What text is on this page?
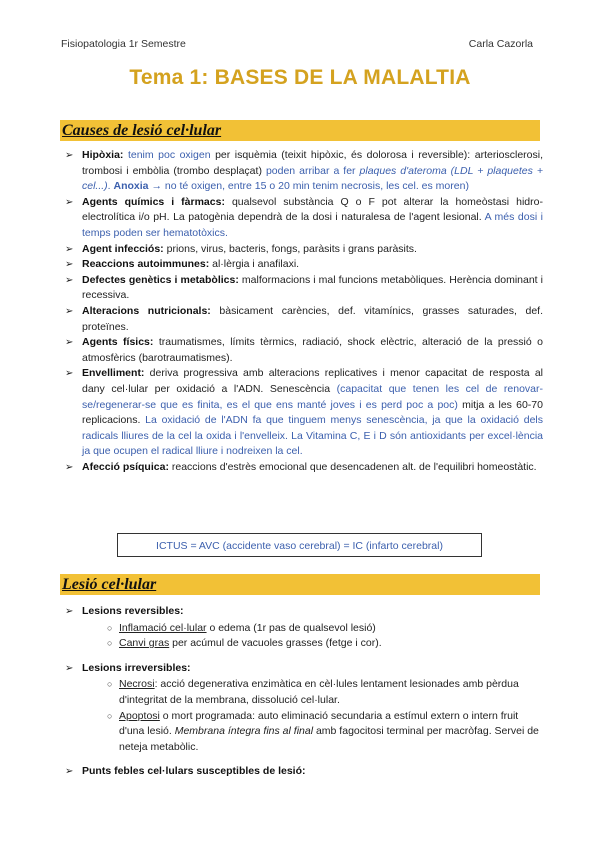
Fisiopatologia 1r Semestre	Carla Cazorla
Tema 1: BASES DE LA MALALTIA
Causes de lesió cel·lular
➢ Hipòxia: tenim poc oxigen per isquèmia (teixit hipòxic, és dolorosa i reversible): arteriosclerosi, trombosi i embòlia (trombo desplaçat) poden arribar a fer plaques d'ateroma (LDL + plaquetes + cel...). Anoxia → no té oxigen, entre 15 o 20 min tenim necrosis, les cel. es moren)
➢ Agents químics i fàrmacs: qualsevol substància Q o F pot alterar la homeòstasi hidro-electrolítica i/o pH. La patogènia dependrà de la dosi i naturalesa de l'agent lesional. A més dosi i temps poden ser hematotòxics.
➢ Agent infecciós: prions, virus, bacteris, fongs, paràsits i grans paràsits.
➢ Reaccions autoimmunes: al·lèrgia i anafilaxi.
➢ Defectes genètics i metabòlics: malformacions i mal funcions metabòliques. Herència dominant i recessiva.
➢ Alteracions nutricionals: bàsicament carències, def. vitamínics, grasses saturades, def. proteïnes.
➢ Agents físics: traumatismes, límits tèrmics, radiació, shock elèctric, alteració de la pressió o atmosfèrics (barotraumatismes).
➢ Envelliment: deriva progressiva amb alteracions replicatives i menor capacitat de resposta al dany cel·lular per oxidació a l'ADN. Senescència (capacitat que tenen les cel de renovar-se/regenerar-se que es finita, es el que ens manté joves i es perd poc a poc) mitja a les 60-70 replicacions. La oxidació de l'ADN fa que tinguem menys senescència, ja que la oxidació dels radicals lliures de la cel la oxida i l'envelleix. La Vitamina C, E i D són antioxidants per excel·lència ja que ocupen el radical lliure i nodreixen la cel.
➢ Afecció psíquica: reaccions d'estrès emocional que desencadenen alt. de l'equilibri homeostàtic.
ICTUS = AVC (accidente vaso cerebral) = IC (infarto cerebral)
Lesió cel·lular
➢ Lesions reversibles:
○ Inflamació cel·lular o edema (1r pas de qualsevol lesió)
○ Canvi gras per acúmul de vacuoles grasses (fetge i cor).
➢ Lesions irreversibles:
○ Necrosi: acció degenerativa enzimàtica en cèl·lules lentament lesionades amb pèrdua d'integritat de la membrana, dissolució cel·lular.
○ Apoptosi o mort programada: auto eliminació secundaria a estímul extern o intern fruit d'una lesió. Membrana íntegra fins al final amb fagocitosi terminal per macròfag. Servei de neteja metabòlic.
➢ Punts febles cel·lulars susceptibles de lesió:
